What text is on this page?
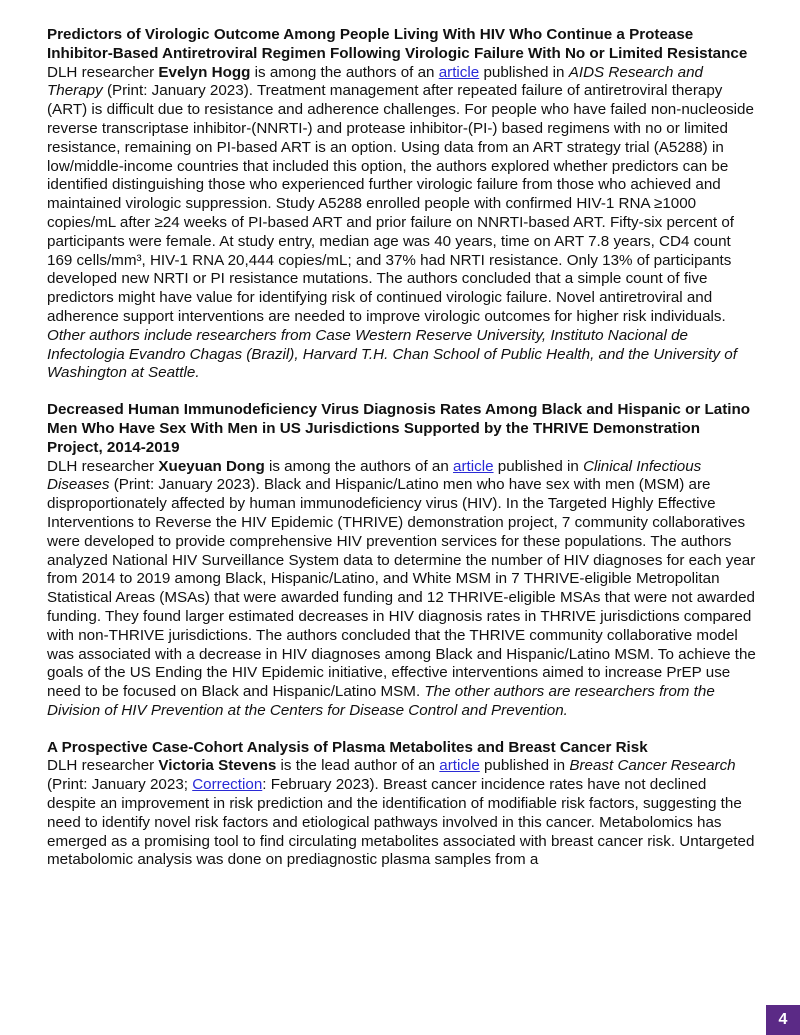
Predictors of Virologic Outcome Among People Living With HIV Who Continue a Protease Inhibitor-Based Antiretroviral Regimen Following Virologic Failure With No or Limited Resistance

DLH researcher Evelyn Hogg is among the authors of an article published in AIDS Research and Therapy (Print: January 2023). Treatment management after repeated failure of antiretroviral therapy (ART) is difficult due to resistance and adherence challenges. For people who have failed non-nucleoside reverse transcriptase inhibitor-(NNRTI-) and protease inhibitor-(PI-) based regimens with no or limited resistance, remaining on PI-based ART is an option. Using data from an ART strategy trial (A5288) in low/middle-income countries that included this option, the authors explored whether predictors can be identified distinguishing those who experienced further virologic failure from those who achieved and maintained virologic suppression. Study A5288 enrolled people with confirmed HIV-1 RNA ≥1000 copies/mL after ≥24 weeks of PI-based ART and prior failure on NNRTI-based ART. Fifty-six percent of participants were female. At study entry, median age was 40 years, time on ART 7.8 years, CD4 count 169 cells/mm³, HIV-1 RNA 20,444 copies/mL; and 37% had NRTI resistance. Only 13% of participants developed new NRTI or PI resistance mutations. The authors concluded that a simple count of five predictors might have value for identifying risk of continued virologic failure. Novel antiretroviral and adherence support interventions are needed to improve virologic outcomes for higher risk individuals. Other authors include researchers from Case Western Reserve University, Instituto Nacional de Infectologia Evandro Chagas (Brazil), Harvard T.H. Chan School of Public Health, and the University of Washington at Seattle.

Decreased Human Immunodeficiency Virus Diagnosis Rates Among Black and Hispanic or Latino Men Who Have Sex With Men in US Jurisdictions Supported by the THRIVE Demonstration Project, 2014-2019

DLH researcher Xueyuan Dong is among the authors of an article published in Clinical Infectious Diseases (Print: January 2023). Black and Hispanic/Latino men who have sex with men (MSM) are disproportionately affected by human immunodeficiency virus (HIV). In the Targeted Highly Effective Interventions to Reverse the HIV Epidemic (THRIVE) demonstration project, 7 community collaboratives were developed to provide comprehensive HIV prevention services for these populations. The authors analyzed National HIV Surveillance System data to determine the number of HIV diagnoses for each year from 2014 to 2019 among Black, Hispanic/Latino, and White MSM in 7 THRIVE-eligible Metropolitan Statistical Areas (MSAs) that were awarded funding and 12 THRIVE-eligible MSAs that were not awarded funding. They found larger estimated decreases in HIV diagnosis rates in THRIVE jurisdictions compared with non-THRIVE jurisdictions. The authors concluded that the THRIVE community collaborative model was associated with a decrease in HIV diagnoses among Black and Hispanic/Latino MSM. To achieve the goals of the US Ending the HIV Epidemic initiative, effective interventions aimed to increase PrEP use need to be focused on Black and Hispanic/Latino MSM. The other authors are researchers from the Division of HIV Prevention at the Centers for Disease Control and Prevention.

A Prospective Case-Cohort Analysis of Plasma Metabolites and Breast Cancer Risk

DLH researcher Victoria Stevens is the lead author of an article published in Breast Cancer Research (Print: January 2023; Correction: February 2023). Breast cancer incidence rates have not declined despite an improvement in risk prediction and the identification of modifiable risk factors, suggesting the need to identify novel risk factors and etiological pathways involved in this cancer. Metabolomics has emerged as a promising tool to find circulating metabolites associated with breast cancer risk. Untargeted metabolomic analysis was done on prediagnostic plasma samples from a

4
